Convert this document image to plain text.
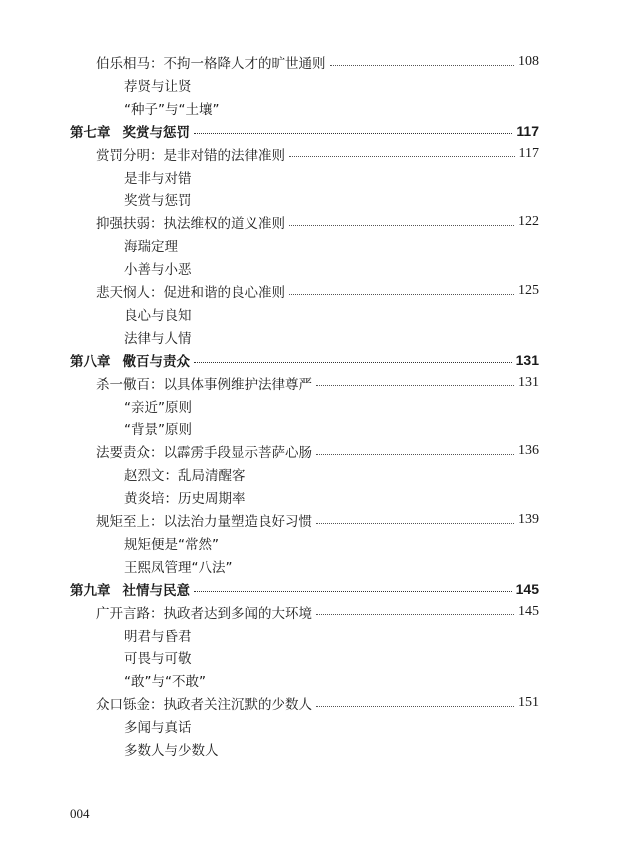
伯乐相马：不拘一格降人才的旷世通则	108
荐贤与让贤
“种子”与“土壤”
第七章 奖赏与惩罚	117
赏罚分明：是非对错的法律准则	117
是非与对错
奖赏与惩罚
抑强扶弱：执法维权的道义准则	122
海瑞定理
小善与小恶
悲天悯人：促进和谐的良心准则	125
良心与良知
法律与人情
第八章 儆百与责众	131
杀一儆百：以具体事例维护法律尊严	131
“亲近”原则
“背景”原则
法要责众：以霹雳手段显示菩萨心肠	136
赵烈文：乱局清醒客
黄炎培：历史周期率
规矩至上：以法治力量塑造良好习惯	139
规矩便是“常然”
王熙凤管理“八法”
第九章 社情与民意	145
广开言路：执政者达到多闻的大环境	145
明君与昏君
可畏与可敬
“敢”与“不敢”
众口铄金：执政者关注沉默的少数人	151
多闻与真话
多数人与少数人
004
